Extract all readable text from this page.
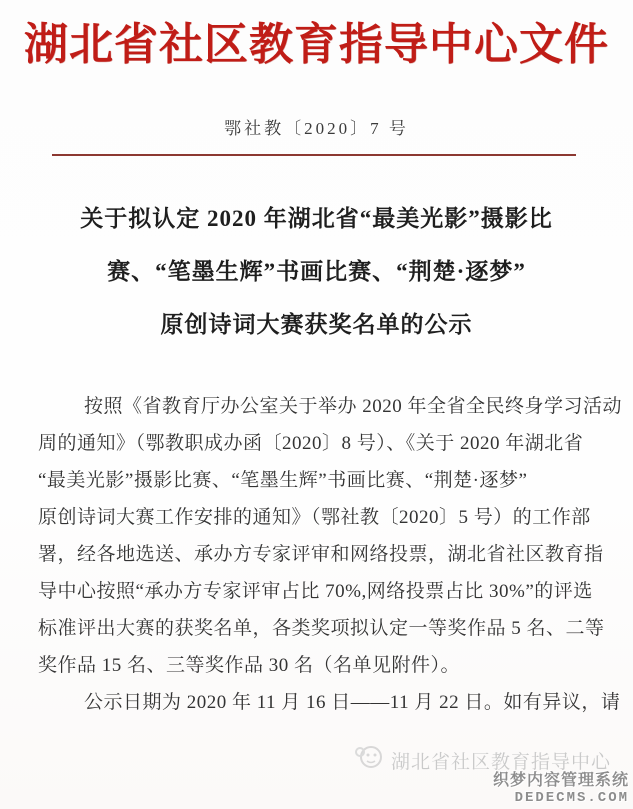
湖北省社区教育指导中心文件
鄂社教〔2020〕7 号
关于拟认定 2020 年湖北省“最美光影”摄影比
赛、“笔墨生辉”书画比赛、“荆楚·逐梦”
原创诗词大赛获奖名单的公示
按照《省教育厅办公室关于举办 2020 年全省全民终身学习活动
周的通知》（鄂教职成办函〔2020〕8 号）、《关于 2020 年湖北省
“最美光影”摄影比赛、“笔墨生辉”书画比赛、“荆楚·逐梦”
原创诗词大赛工作安排的通知》（鄂社教〔2020〕5 号）的工作部
署，经各地选送、承办方专家评审和网络投票，湖北省社区教育指
导中心按照“承办方专家评审占比 70%,网络投票占比 30%”的评选
标准评出大赛的获奖名单，各类奖项拟认定一等奖作品 5 名、二等
奖作品 15 名、三等奖作品 30 名（名单见附件）。
公示日期为 2020 年 11 月 16 日——11 月 22 日。如有异议，请
湖北省社区教育指导中心
织梦内容管理系统
DEDECMS.COM
